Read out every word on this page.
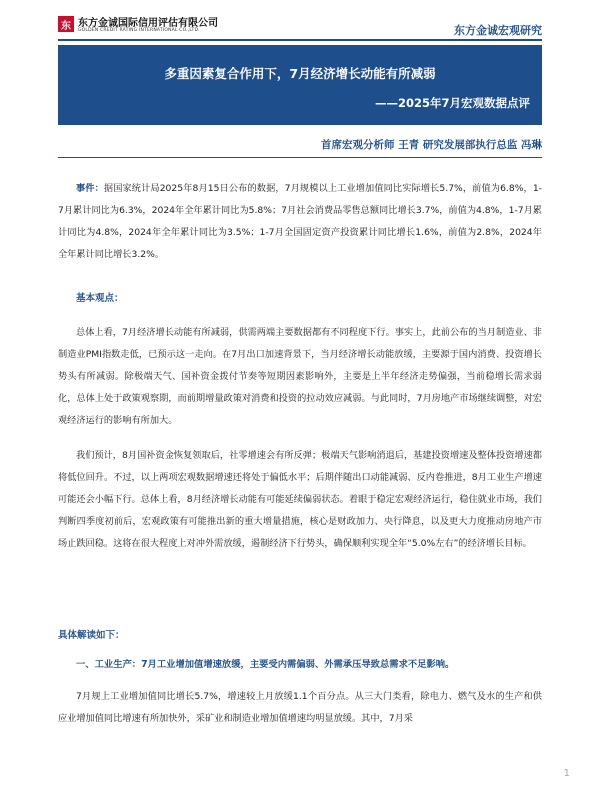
东 东方金诚国际信用评估有限公司
GOLDEN CREDIT RATING INTERNATIONAL CO.,LTD.	东方金诚宏观研究
多重因素复合作用下，7月经济增长动能有所减弱
——2025年7月宏观数据点评
首席宏观分析师 王青 研究发展部执行总监 冯琳
事件：据国家统计局2025年8月15日公布的数据，7月规模以上工业增加值同比实际增长5.7%，前值为6.8%，1-7月累计同比为6.3%，2024年全年累计同比为5.8%；7月社会消费品零售总额同比增长3.7%，前值为4.8%，1-7月累计同比为4.8%，2024年全年累计同比为3.5%；1-7月全国固定资产投资累计同比增长1.6%，前值为2.8%，2024年全年累计同比增长3.2%。
基本观点：
总体上看，7月经济增长动能有所减弱，供需两端主要数据都有不同程度下行。事实上，此前公布的当月制造业、非制造业PMI指数走低，已预示这一走向。在7月出口加速背景下，当月经济增长动能放缓，主要源于国内消费、投资增长势头有所减弱。除极端天气、国补资金拨付节奏等短期因素影响外，主要是上半年经济走势偏强，当前稳增长需求弱化，总体上处于政策观察期，而前期增量政策对消费和投资的拉动效应减弱。与此同时，7月房地产市场继续调整，对宏观经济运行的影响有所加大。
我们预计，8月国补资金恢复领取后，社零增速会有所反弹；极端天气影响消退后，基建投资增速及整体投资增速都将低位回升。不过，以上两项宏观数据增速还将处于偏低水平；后期伴随出口动能减弱、反内卷推进，8月工业生产增速可能还会小幅下行。总体上看，8月经济增长动能有可能延续偏弱状态。着眼于稳定宏观经济运行，稳住就业市场，我们判断四季度初前后，宏观政策有可能推出新的重大增量措施，核心是财政加力、央行降息，以及更大力度推动房地产市场止跌回稳。这将在很大程度上对冲外需放缓，遏制经济下行势头，确保顺利实现全年“5.0%左右”的经济增长目标。
具体解读如下：
一、工业生产：7月工业增加值增速放缓，主要受内需偏弱、外需承压导致总需求不足影响。
7月规上工业增加值同比增长5.7%，增速较上月放缓1.1个百分点。从三大门类看，除电力、燃气及水的生产和供应业增加值同比增速有所加快外，采矿业和制造业增加值增速均明显放缓。其中，7月采
1
